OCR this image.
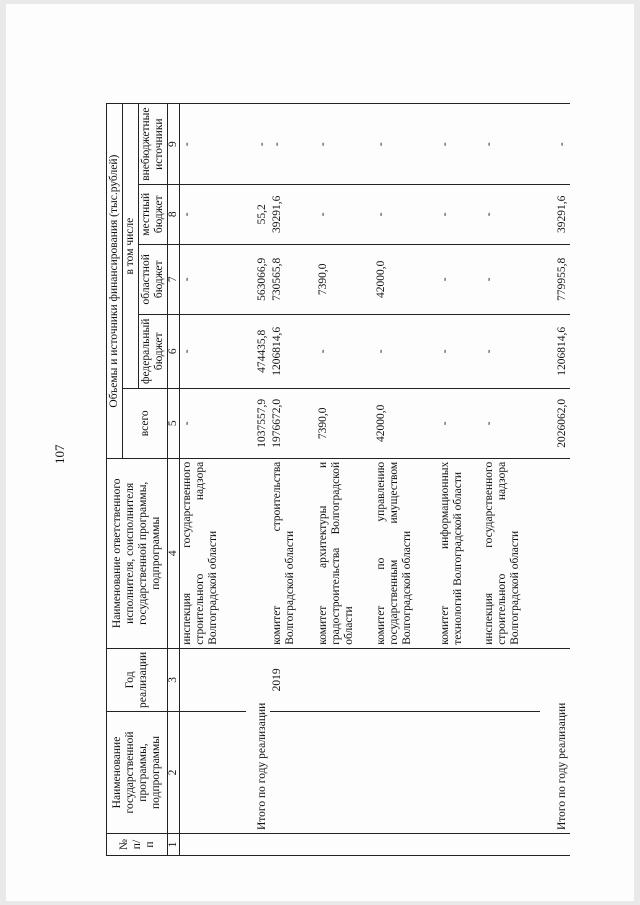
107
№ п/п	Наименование государственной программы, подпрограммы	Год реализации	Наименование ответственного исполнителя, соисполнителя государственной программы, подпрограммы	Объемы и источники финансирования (тыс.рублей)				
				всего	в том числе			
					федеральный бюджет	областной бюджет	местный бюджет	внебюджетные источники
1	2	3	4	5	6	7	8	9
			инспекция государственного строительного надзора Волгоградской области	-	-	-	-	-
	Итого по году реализации			1037557,9	474435,8	563066,9	55,2	-
		2019	комитет строительства Волгоградской области	1976672,0	1206814,6	730565,8	39291,6	-
			комитет архитектуры и градостроительства Волгоградской области	7390,0	-	7390,0	-	-
			комитет по управлению государственным имуществом Волгоградской области	42000,0	-	42000,0	-	-
			комитет информационных технологий Волгоградской области	-	-	-	-	-
			инспекция государственного строительного надзора Волгоградской области	-	-	-	-	-
	Итого по году реализации			2026062,0	1206814,6	779955,8	39291,6	-
